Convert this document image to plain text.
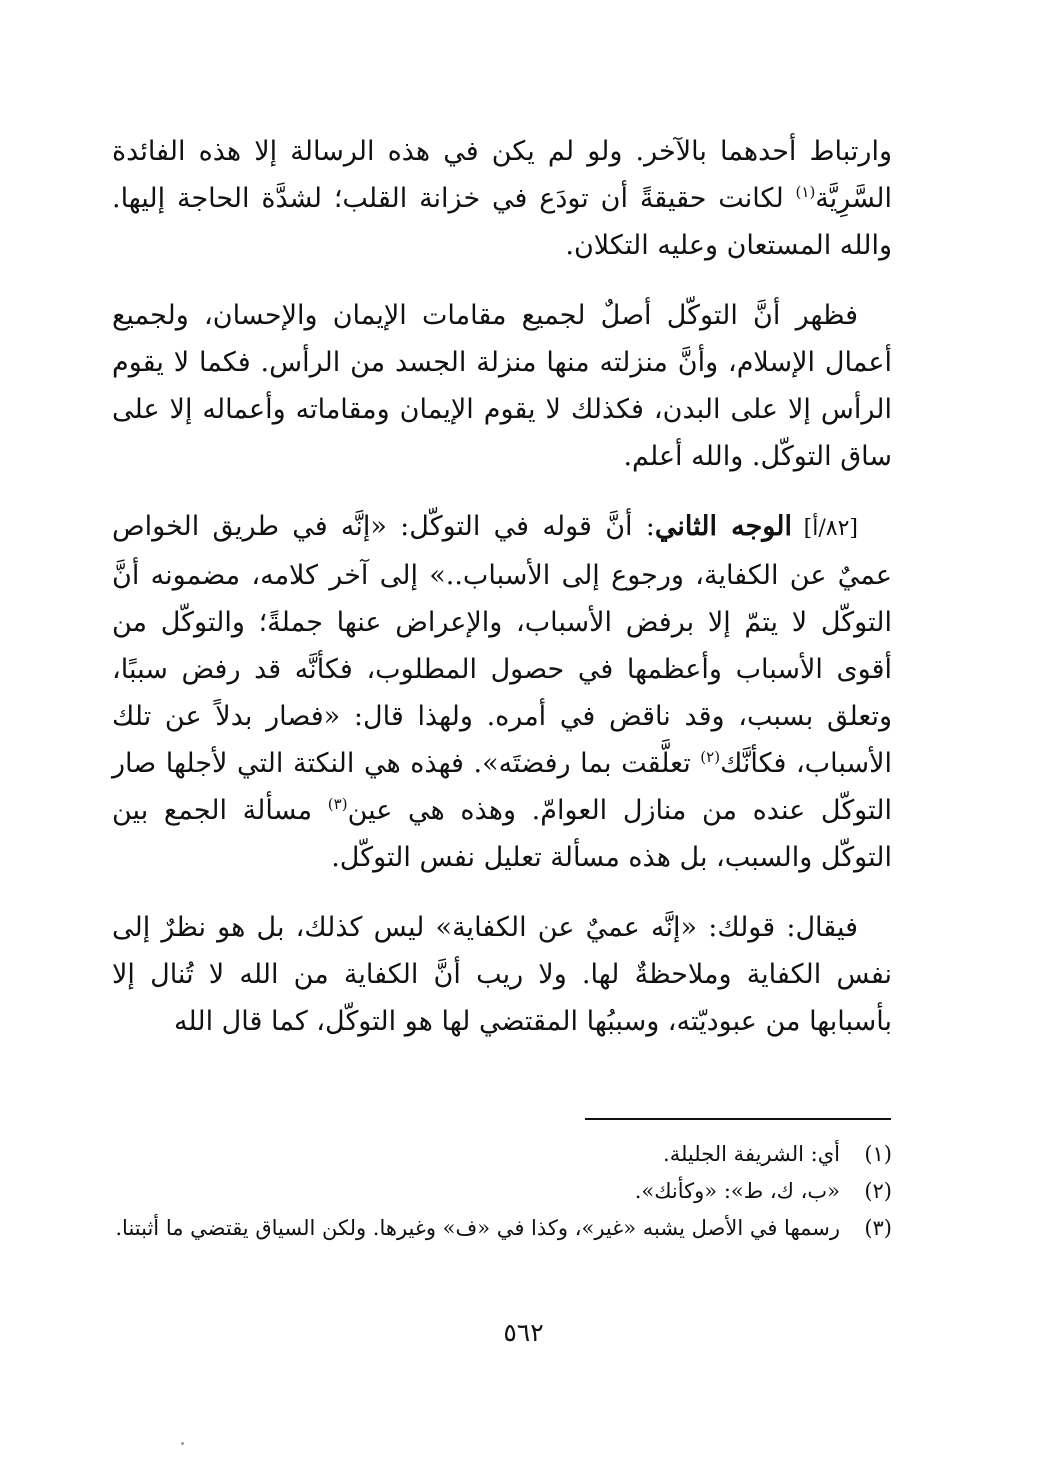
وارتباط أحدهما بالآخر. ولو لم يكن في هذه الرسالة إلا هذه الفائدة السَّرِيَّة$^{(١)}$ لكانت حقيقةً أن تودَع في خزانة القلب؛ لشدَّة الحاجة إليها. والله المستعان وعليه التكلان.

فظهر أنَّ التوكّل أصلٌ لجميع مقامات الإيمان والإحسان، ولجميع أعمال الإسلام، وأنَّ منزلته منها منزلة الجسد من الرأس. فكما لا يقوم الرأس إلا على البدن، فكذلك لا يقوم الإيمان ومقاماته وأعماله إلا على ساق التوكّل. والله أعلم.

[٨٢/أ] الوجه الثاني: أنَّ قوله في التوكّل: «إنَّه في طريق الخواص عميٌ عن الكفاية، ورجوع إلى الأسباب..» إلى آخر كلامه، مضمونه أنَّ التوكّل لا يتمّ إلا برفض الأسباب، والإعراض عنها جملةً؛ والتوكّل من أقوى الأسباب وأعظمها في حصول المطلوب، فكأنَّه قد رفض سببًا، وتعلق بسبب، وقد ناقض في أمره. ولهذا قال: «فصار بدلاً عن تلك الأسباب، فكأنَّك$^{(٢)}$ تعلَّقت بما رفضتَه». فهذه هي النكتة التي لأجلها صار التوكّل عنده من منازل العوامّ. وهذه هي عين$^{(٣)}$ مسألة الجمع بين التوكّل والسبب، بل هذه مسألة تعليل نفس التوكّل.

فيقال: قولك: «إنَّه عميٌ عن الكفاية» ليس كذلك، بل هو نظرٌ إلى نفس الكفاية وملاحظةٌ لها. ولا ريب أنَّ الكفاية من الله لا تُنال إلا بأسبابها من عبوديّته، وسببُها المقتضي لها هو التوكّل، كما قال الله

(١)
أي: الشريفة الجليلة.
(٢)
«ب، ك، ط»: «وكأنك».
(٣)
رسمها في الأصل يشبه «غير»، وكذا في «ف» وغيرها. ولكن السياق يقتضي ما أثبتنا.
٥٦٢
